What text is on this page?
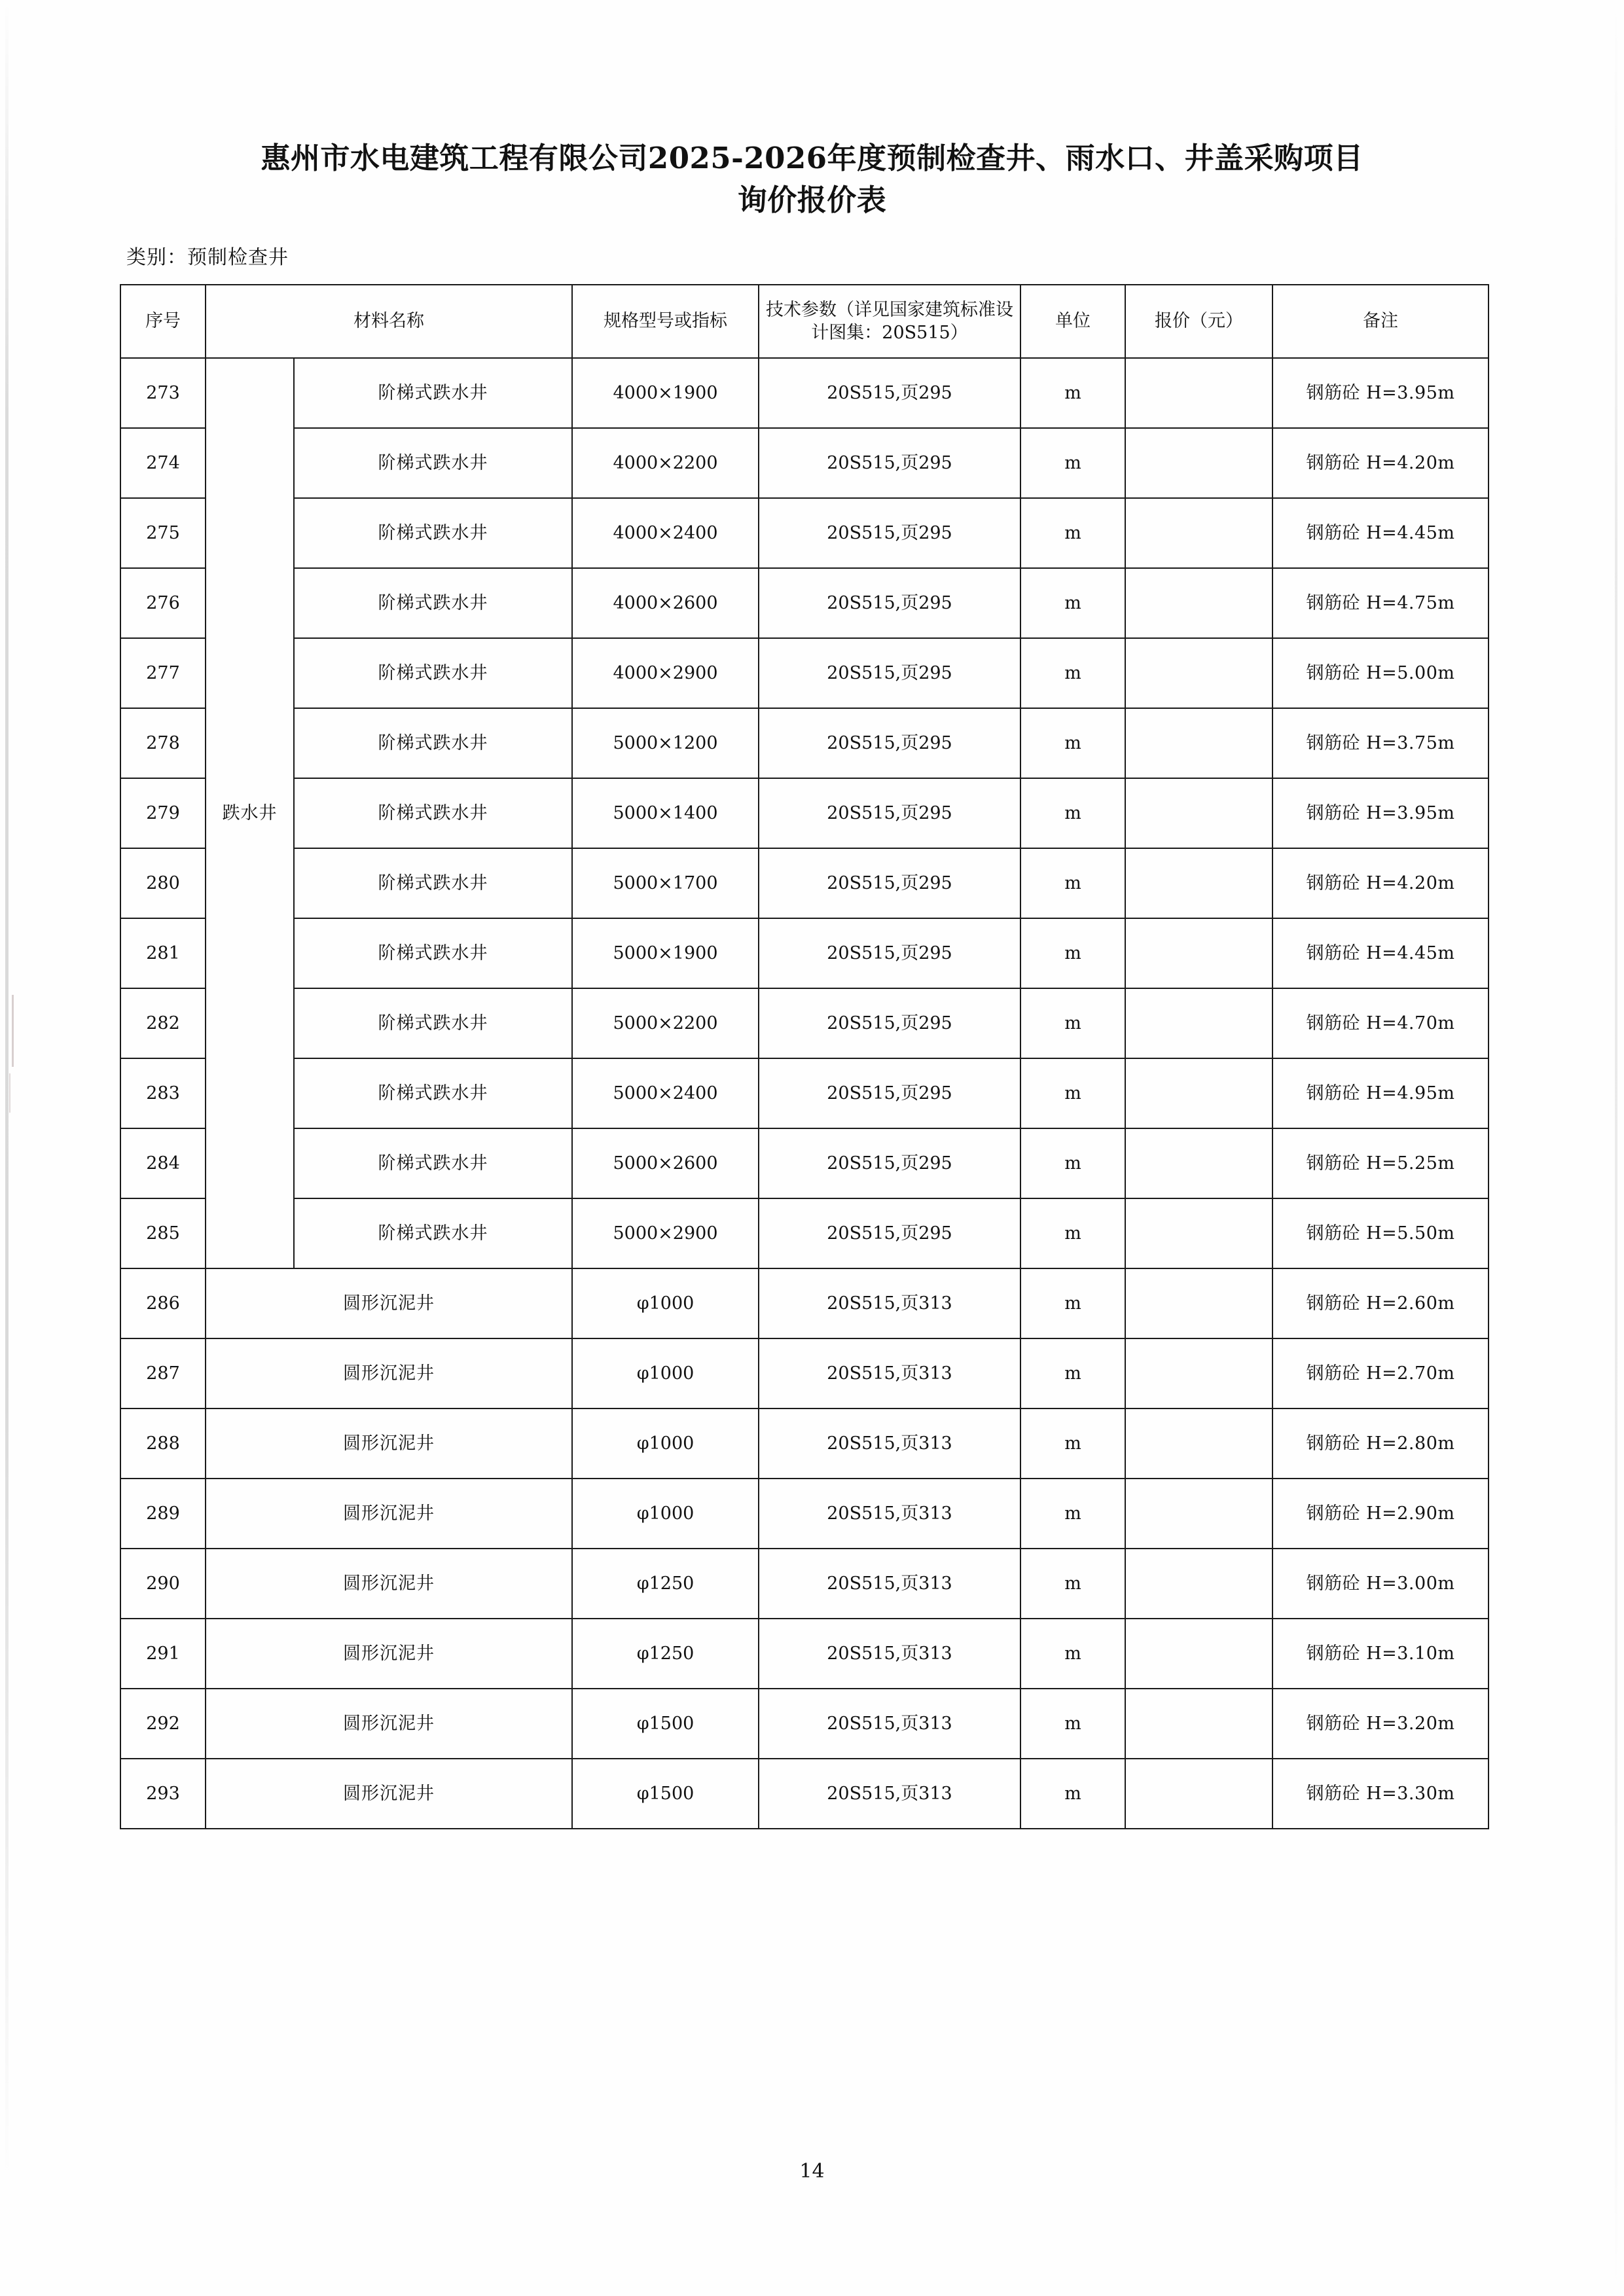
惠州市水电建筑工程有限公司2025-2026年度预制检查井、雨水口、井盖采购项目
询价报价表
类别：预制检查井
序号	材料名称		规格型号或指标	技术参数（详见国家建筑标准设计图集：20S515）	单位	报价（元）	备注
273	跌水井	阶梯式跌水井	4000×1900	20S515,页295	m		钢筋砼 H=3.95m
274		阶梯式跌水井	4000×2200	20S515,页295	m		钢筋砼 H=4.20m
275		阶梯式跌水井	4000×2400	20S515,页295	m		钢筋砼 H=4.45m
276		阶梯式跌水井	4000×2600	20S515,页295	m		钢筋砼 H=4.75m
277		阶梯式跌水井	4000×2900	20S515,页295	m		钢筋砼 H=5.00m
278		阶梯式跌水井	5000×1200	20S515,页295	m		钢筋砼 H=3.75m
279		阶梯式跌水井	5000×1400	20S515,页295	m		钢筋砼 H=3.95m
280		阶梯式跌水井	5000×1700	20S515,页295	m		钢筋砼 H=4.20m
281		阶梯式跌水井	5000×1900	20S515,页295	m		钢筋砼 H=4.45m
282		阶梯式跌水井	5000×2200	20S515,页295	m		钢筋砼 H=4.70m
283		阶梯式跌水井	5000×2400	20S515,页295	m		钢筋砼 H=4.95m
284		阶梯式跌水井	5000×2600	20S515,页295	m		钢筋砼 H=5.25m
285		阶梯式跌水井	5000×2900	20S515,页295	m		钢筋砼 H=5.50m
286	圆形沉泥井		φ1000	20S515,页313	m		钢筋砼 H=2.60m
287	圆形沉泥井		φ1000	20S515,页313	m		钢筋砼 H=2.70m
288	圆形沉泥井		φ1000	20S515,页313	m		钢筋砼 H=2.80m
289	圆形沉泥井		φ1000	20S515,页313	m		钢筋砼 H=2.90m
290	圆形沉泥井		φ1250	20S515,页313	m		钢筋砼 H=3.00m
291	圆形沉泥井		φ1250	20S515,页313	m		钢筋砼 H=3.10m
292	圆形沉泥井		φ1500	20S515,页313	m		钢筋砼 H=3.20m
293	圆形沉泥井		φ1500	20S515,页313	m		钢筋砼 H=3.30m
14
